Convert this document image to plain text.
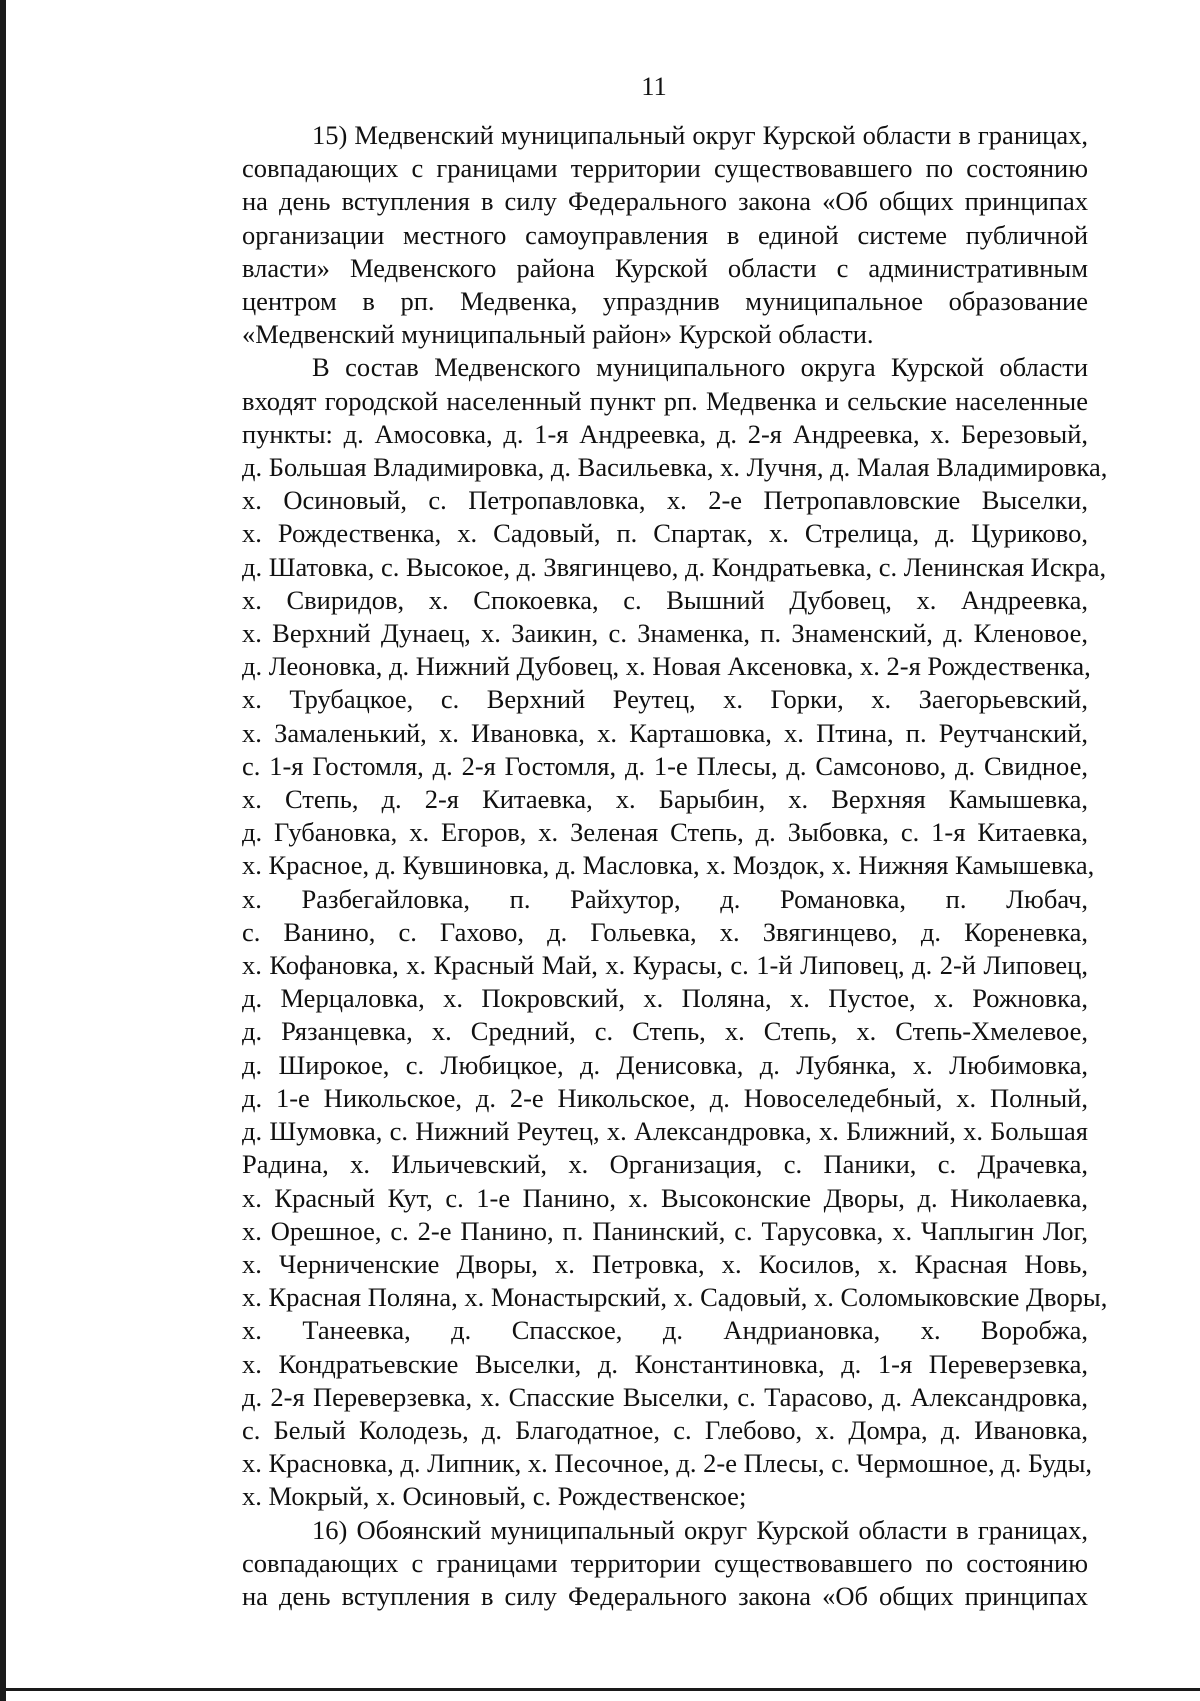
11
15) Медвенский муниципальный округ Курской области в границах,
совпадающих с границами территории существовавшего по состоянию
на день вступления в силу Федерального закона «Об общих принципах
организации местного самоуправления в единой системе публичной
власти» Медвенского района Курской области с административным
центром в рп. Медвенка, упразднив муниципальное образование
«Медвенский муниципальный район» Курской области.
В состав Медвенского муниципального округа Курской области
входят городской населенный пункт рп. Медвенка и сельские населенные
пункты: д. Амосовка, д. 1-я Андреевка, д. 2-я Андреевка, х. Березовый,
д. Большая Владимировка, д. Васильевка, х. Лучня, д. Малая Владимировка,
х. Осиновый, с. Петропавловка, х. 2-е Петропавловские Выселки,
х. Рождественка, х. Садовый, п. Спартак, х. Стрелица, д. Цуриково,
д. Шатовка, с. Высокое, д. Звягинцево, д. Кондратьевка, с. Ленинская Искра,
х. Свиридов, х. Спокоевка, с. Вышний Дубовец, х. Андреевка,
х. Верхний Дунаец, х. Заикин, с. Знаменка, п. Знаменский, д. Кленовое,
д. Леоновка, д. Нижний Дубовец, х. Новая Аксеновка, х. 2-я Рождественка,
х. Трубацкое, с. Верхний Реутец, х. Горки, х. Заегорьевский,
х. Замаленький, х. Ивановка, х. Карташовка, х. Птина, п. Реутчанский,
с. 1-я Гостомля, д. 2-я Гостомля, д. 1-е Плесы, д. Самсоново, д. Свидное,
х. Степь, д. 2-я Китаевка, х. Барыбин, х. Верхняя Камышевка,
д. Губановка, х. Егоров, х. Зеленая Степь, д. Зыбовка, с. 1-я Китаевка,
х. Красное, д. Кувшиновка, д. Масловка, х. Моздок, х. Нижняя Камышевка,
х. Разбегайловка, п. Райхутор, д. Романовка, п. Любач,
с. Ванино, с. Гахово, д. Гольевка, х. Звягинцево, д. Кореневка,
х. Кофановка, х. Красный Май, х. Курасы, с. 1-й Липовец, д. 2-й Липовец,
д. Мерцаловка, х. Покровский, х. Поляна, х. Пустое, х. Рожновка,
д. Рязанцевка, х. Средний, с. Степь, х. Степь, х. Степь-Хмелевое,
д. Широкое, с. Любицкое, д. Денисовка, д. Лубянка, х. Любимовка,
д. 1-е Никольское, д. 2-е Никольское, д. Новоселедебный, х. Полный,
д. Шумовка, с. Нижний Реутец, х. Александровка, х. Ближний, х. Большая
Радина, х. Ильичевский, х. Организация, с. Паники, с. Драчевка,
х. Красный Кут, с. 1-е Панино, х. Высоконские Дворы, д. Николаевка,
х. Орешное, с. 2-е Панино, п. Панинский, с. Тарусовка, х. Чаплыгин Лог,
х. Черниченские Дворы, х. Петровка, х. Косилов, х. Красная Новь,
х. Красная Поляна, х. Монастырский, х. Садовый, х. Соломыковские Дворы,
х. Танеевка, д. Спасское, д. Андриановка, х. Воробжа,
х. Кондратьевские Выселки, д. Константиновка, д. 1-я Переверзевка,
д. 2-я Переверзевка, х. Спасские Выселки, с. Тарасово, д. Александровка,
с. Белый Колодезь, д. Благодатное, с. Глебово, х. Домра, д. Ивановка,
х. Красновка, д. Липник, х. Песочное, д. 2-е Плесы, с. Чермошное, д. Буды,
х. Мокрый, х. Осиновый, с. Рождественское;
16) Обоянский муниципальный округ Курской области в границах,
совпадающих с границами территории существовавшего по состоянию
на день вступления в силу Федерального закона «Об общих принципах
